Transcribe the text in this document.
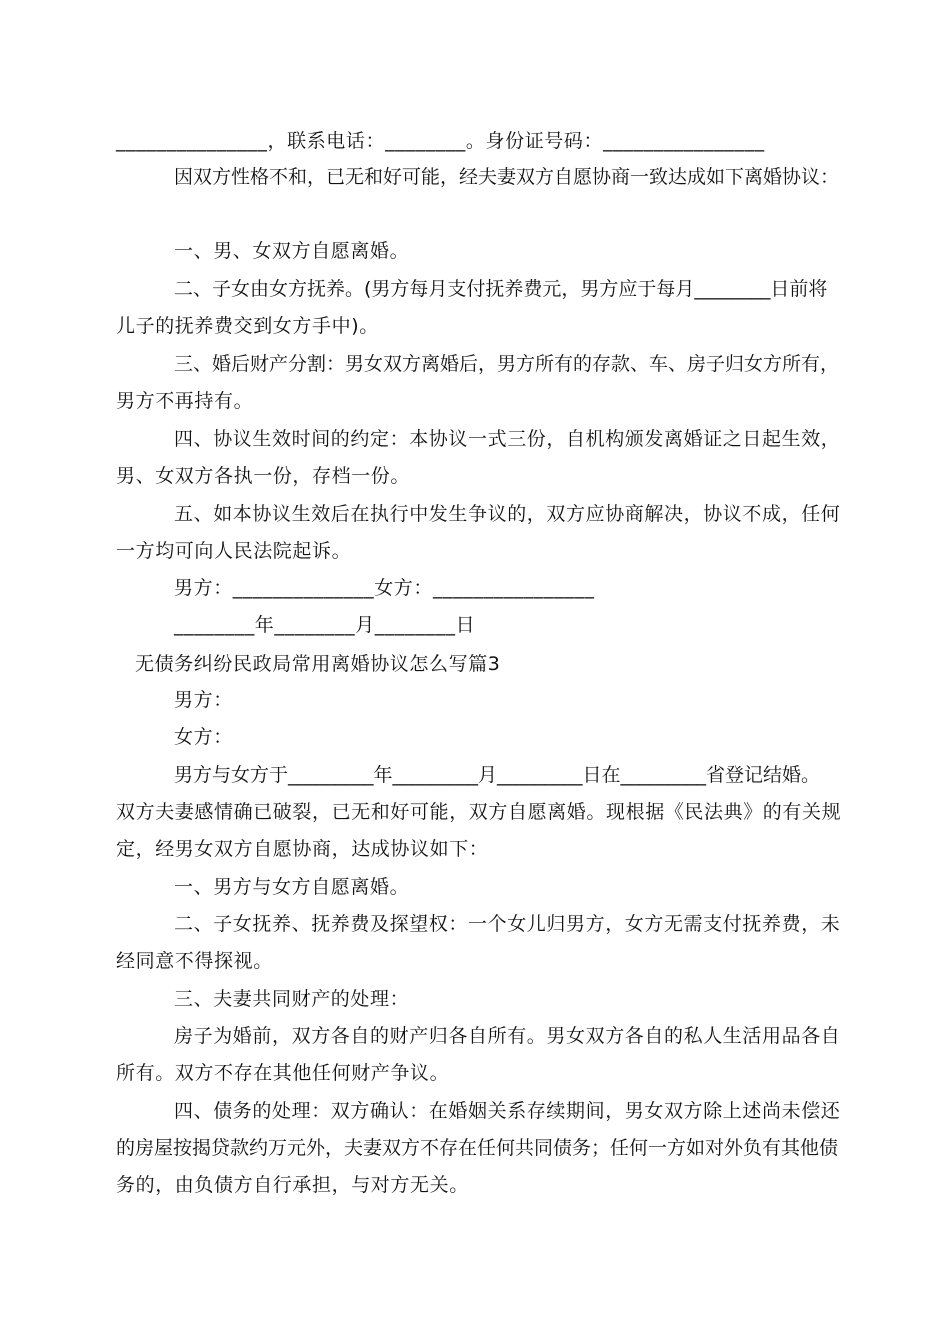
_______________，联系电话：________。身份证号码：________________
因双方性格不和，已无和好可能，经夫妻双方自愿协商一致达成如下离婚协议：
一、男、女双方自愿离婚。
二、子女由女方抚养。(男方每月支付抚养费元，男方应于每月________日前将
儿子的抚养费交到女方手中)。
三、婚后财产分割：男女双方离婚后，男方所有的存款、车、房子归女方所有，
男方不再持有。
四、协议生效时间的约定：本协议一式三份，自机构颁发离婚证之日起生效，
男、女双方各执一份，存档一份。
五、如本协议生效后在执行中发生争议的，双方应协商解决，协议不成，任何
一方均可向人民法院起诉。
男方：______________女方：________________
________年________月________日
无债务纠纷民政局常用离婚协议怎么写篇3
男方：
女方：
男方与女方于_________年_________月_________日在_________省登记结婚。
双方夫妻感情确已破裂，已无和好可能，双方自愿离婚。现根据《民法典》的有关规
定，经男女双方自愿协商，达成协议如下：
一、男方与女方自愿离婚。
二、子女抚养、抚养费及探望权：一个女儿归男方，女方无需支付抚养费，未
经同意不得探视。
三、夫妻共同财产的处理：
房子为婚前，双方各自的财产归各自所有。男女双方各自的私人生活用品各自
所有。双方不存在其他任何财产争议。
四、债务的处理：双方确认：在婚姻关系存续期间，男女双方除上述尚未偿还
的房屋按揭贷款约万元外，夫妻双方不存在任何共同债务；任何一方如对外负有其他债
务的，由负债方自行承担，与对方无关。
